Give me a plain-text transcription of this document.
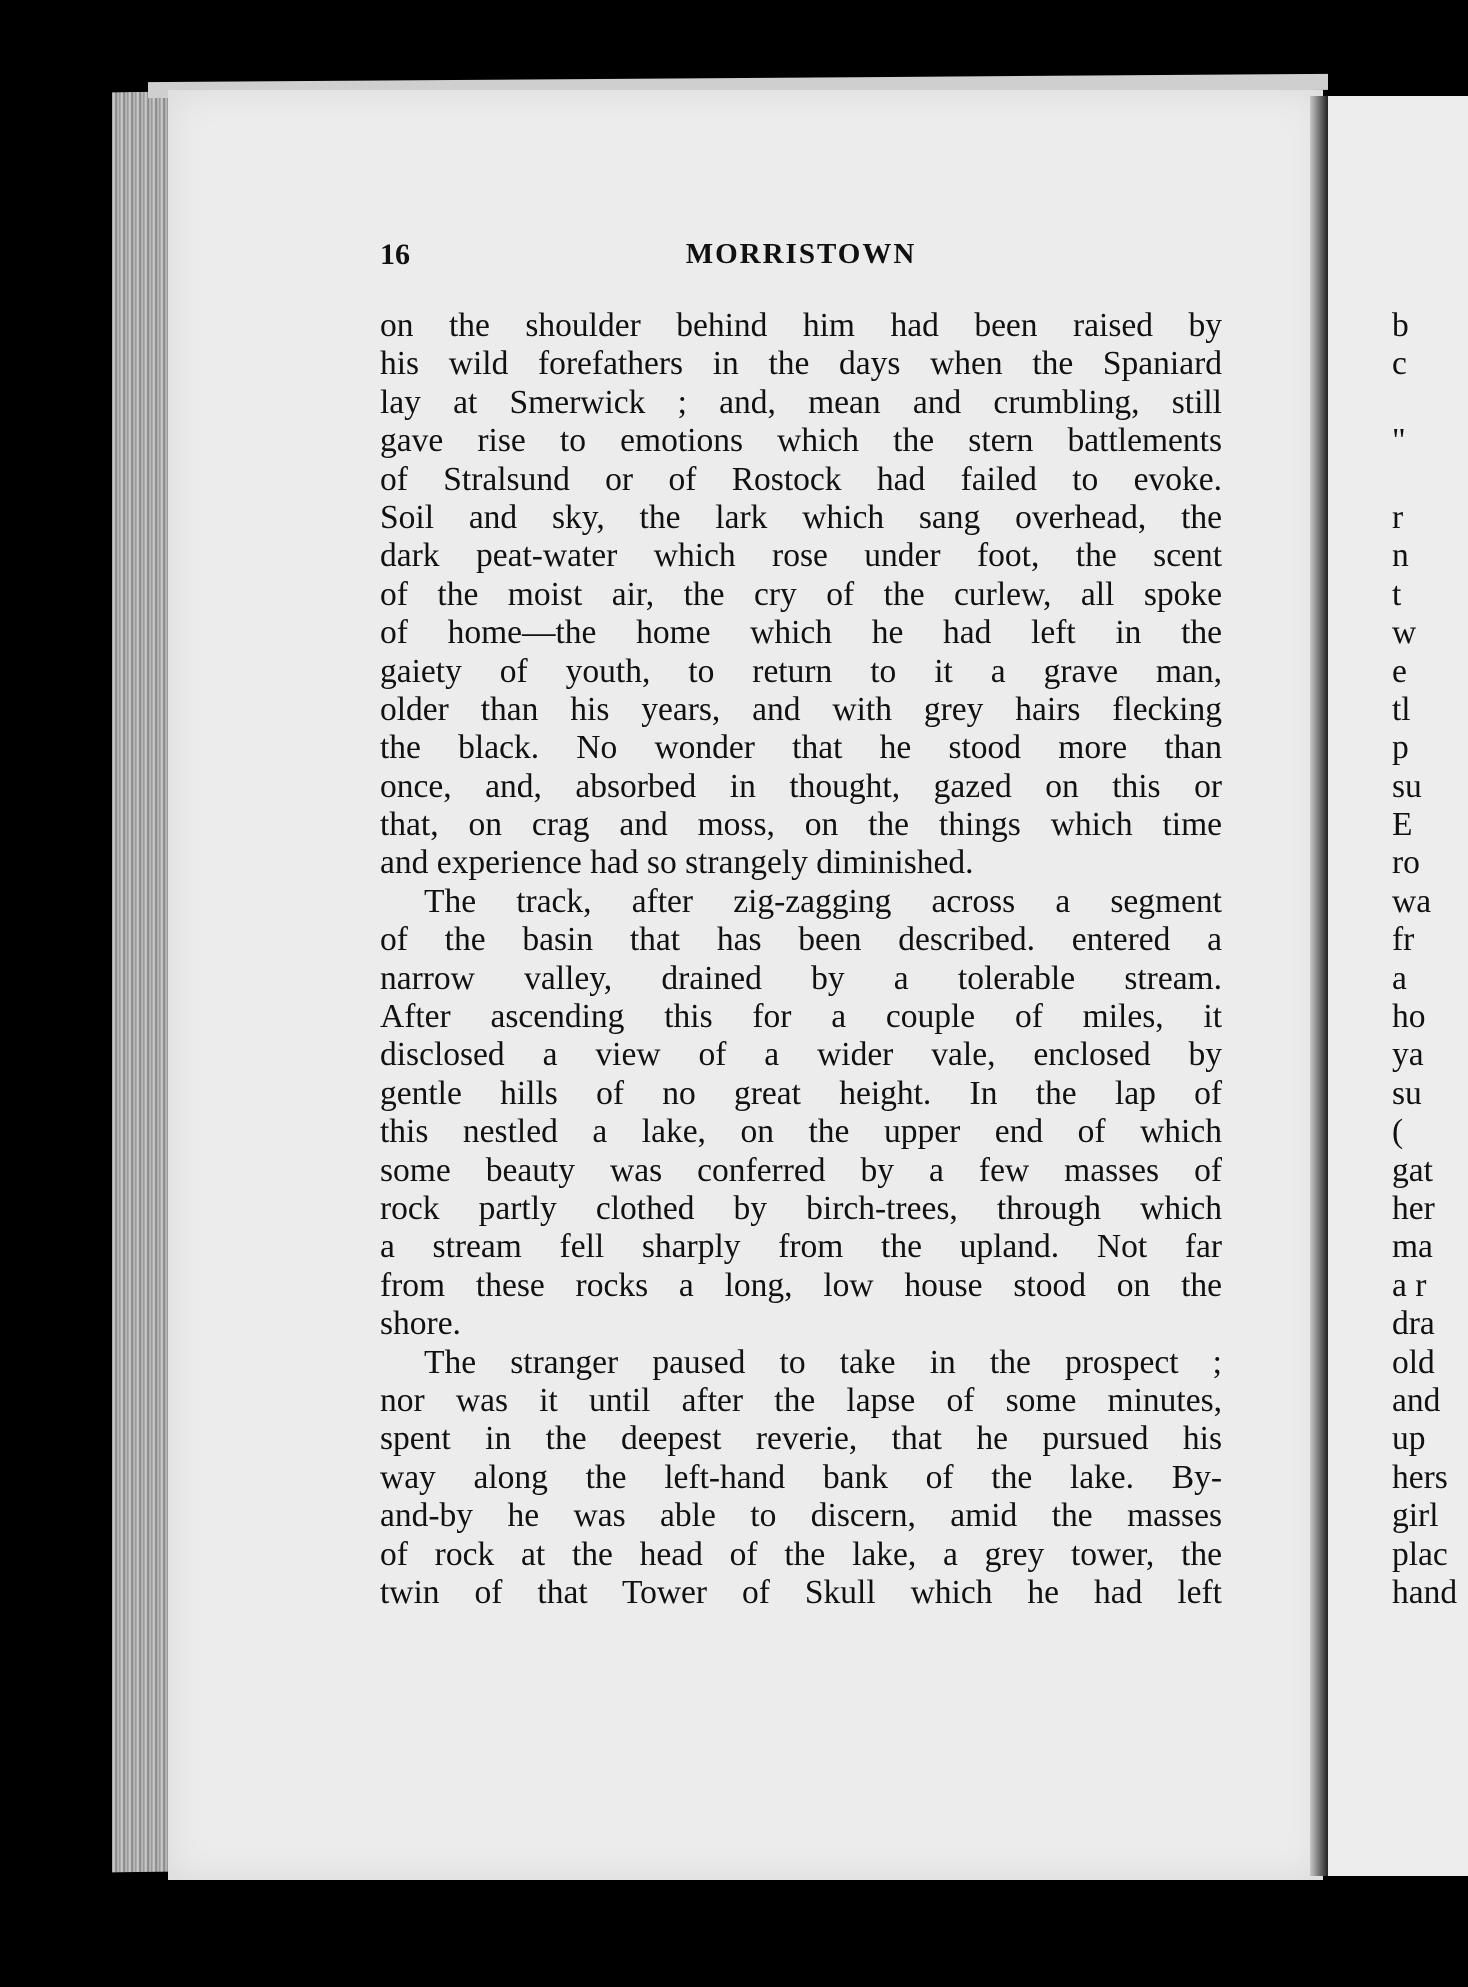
16	MORRISTOWN
on the shoulder behind him had been raised by
his wild forefathers in the days when the Spaniard
lay at Smerwick ; and, mean and crumbling, still
gave rise to emotions which the stern battlements
of Stralsund or of Rostock had failed to evoke.
Soil and sky, the lark which sang overhead, the
dark peat-water which rose under foot, the scent
of the moist air, the cry of the curlew, all spoke
of home—the home which he had left in the
gaiety of youth, to return to it a grave man,
older than his years, and with grey hairs flecking
the black. No wonder that he stood more than
once, and, absorbed in thought, gazed on this or
that, on crag and moss, on the things which time
and experience had so strangely diminished.
The track, after zig-zagging across a segment
of the basin that has been described. entered a
narrow valley, drained by a tolerable stream.
After ascending this for a couple of miles, it
disclosed a view of a wider vale, enclosed by
gentle hills of no great height. In the lap of
this nestled a lake, on the upper end of which
some beauty was conferred by a few masses of
rock partly clothed by birch-trees, through which
a stream fell sharply from the upland. Not far
from these rocks a long, low house stood on the
shore.
The stranger paused to take in the prospect ;
nor was it until after the lapse of some minutes,
spent in the deepest reverie, that he pursued his
way along the left-hand bank of the lake. By-
and-by he was able to discern, amid the masses
of rock at the head of the lake, a grey tower, the
twin of that Tower of Skull which he had left
b
c
"
r
n
t
w
e
tl
p
su
E
ro
wa
fr
a
ho
ya
su
(
gat
her
ma
a r
dra
old
and
up
hers
girl
plac
hand
